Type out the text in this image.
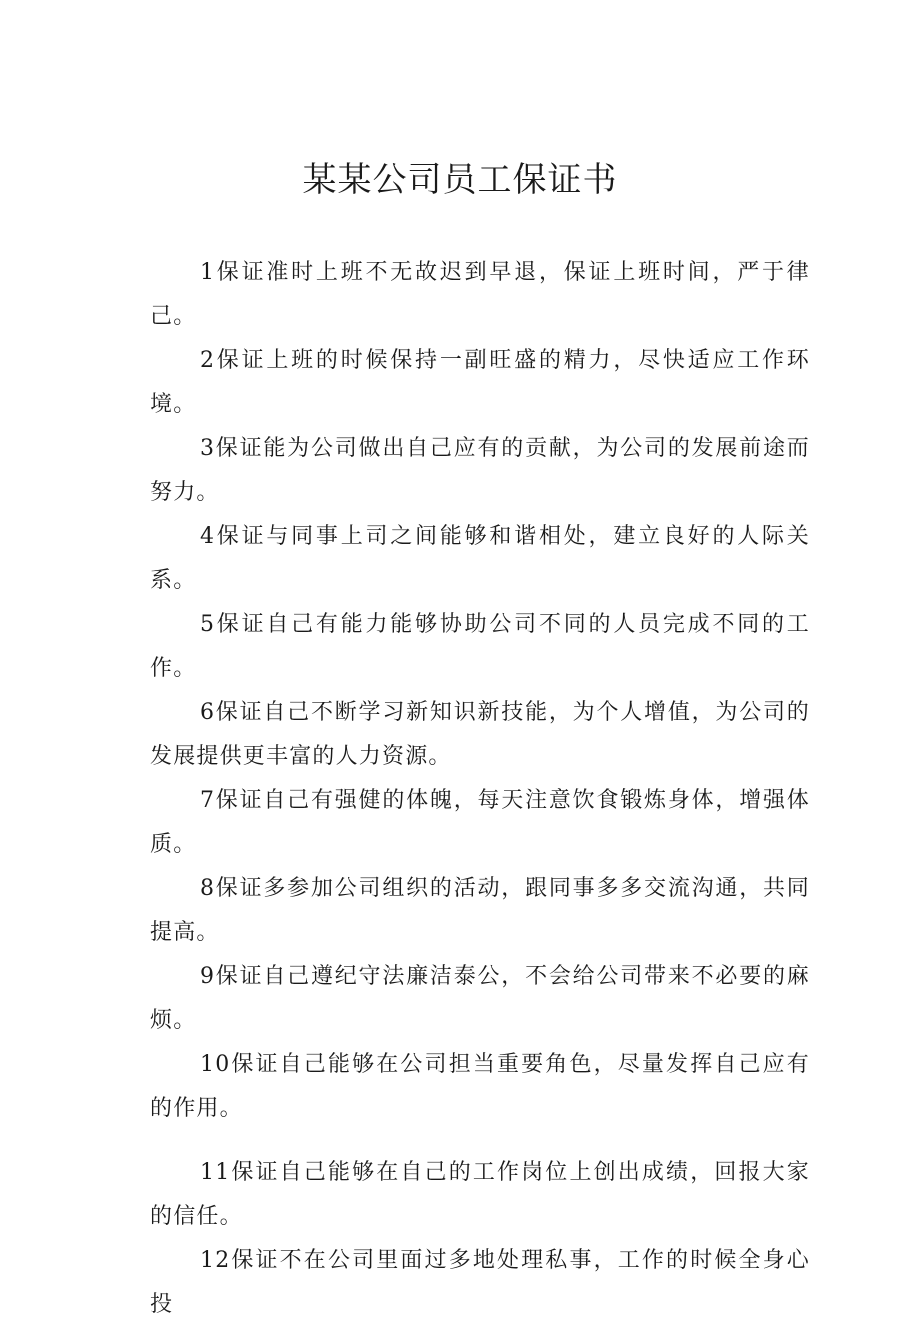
某某公司员工保证书

1保证准时上班不无故迟到早退，保证上班时间，严于律己。

2保证上班的时候保持一副旺盛的精力，尽快适应工作环境。

3保证能为公司做出自己应有的贡献，为公司的发展前途而努力。

4保证与同事上司之间能够和谐相处，建立良好的人际关系。

5保证自己有能力能够协助公司不同的人员完成不同的工作。

6保证自己不断学习新知识新技能，为个人增值，为公司的发展提供更丰富的人力资源。

7保证自己有强健的体魄，每天注意饮食锻炼身体，增强体质。

8保证多参加公司组织的活动，跟同事多多交流沟通，共同提高。

9保证自己遵纪守法廉洁泰公，不会给公司带来不必要的麻烦。

10保证自己能够在公司担当重要角色，尽量发挥自己应有的作用。

11保证自己能够在自己的工作岗位上创出成绩，回报大家的信任。

12保证不在公司里面过多地处理私事，工作的时候全身心投
